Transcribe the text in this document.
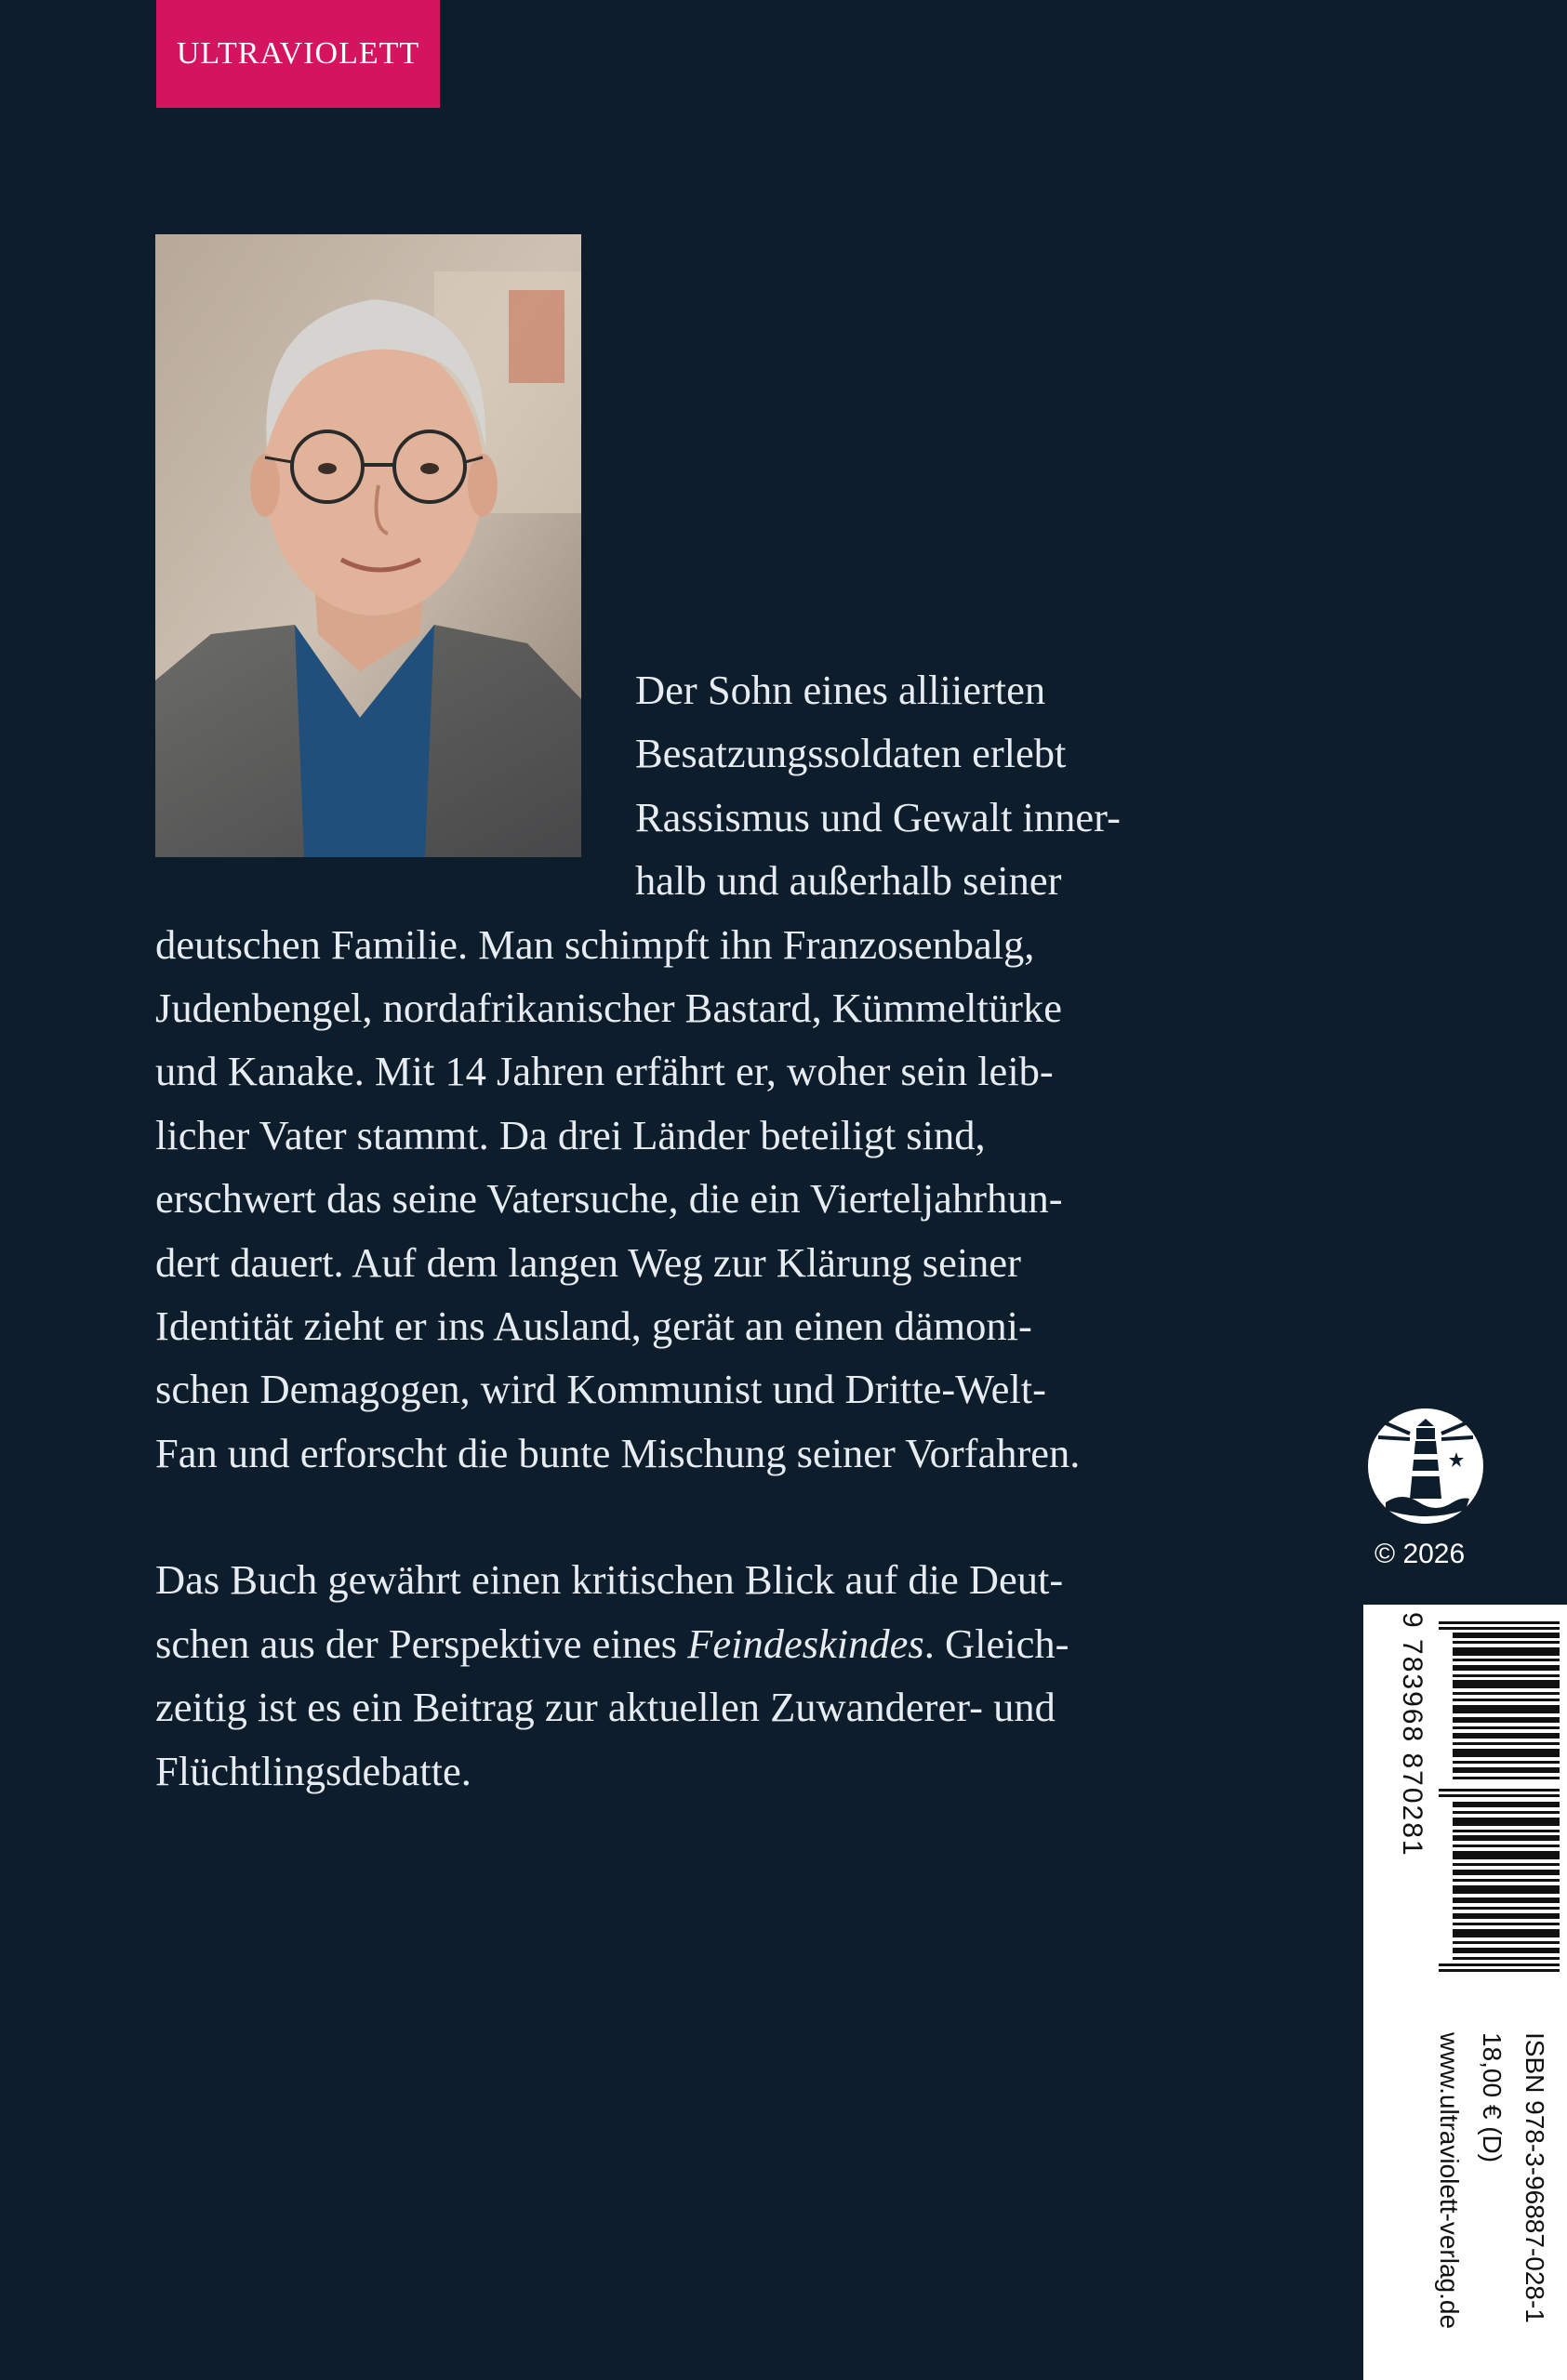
ULTRAVIOLETT
Der Sohn eines alliierten
Besatzungssoldaten erlebt
Rassismus und Gewalt inner-
halb und außerhalb seiner
deutschen Familie. Man schimpft ihn Franzosenbalg,
Judenbengel, nordafrikanischer Bastard, Kümmeltürke
und Kanake. Mit 14 Jahren erfährt er, woher sein leib-
licher Vater stammt. Da drei Länder beteiligt sind,
erschwert das seine Vatersuche, die ein Vierteljahrhun-
dert dauert. Auf dem langen Weg zur Klärung seiner
Identität zieht er ins Ausland, gerät an einen dämoni-
schen Demagogen, wird Kommunist und Dritte-Welt-
Fan und erforscht die bunte Mischung seiner Vorfahren.
Das Buch gewährt einen kritischen Blick auf die Deut-
schen aus der Perspektive eines Feindeskindes. Gleich-
zeitig ist es ein Beitrag zur aktuellen Zuwanderer- und
Flüchtlingsdebatte.
© 2026
9 783968 870281
ISBN 978-3-96887-028-1
18,00 € (D)
www.ultraviolett-verlag.de
